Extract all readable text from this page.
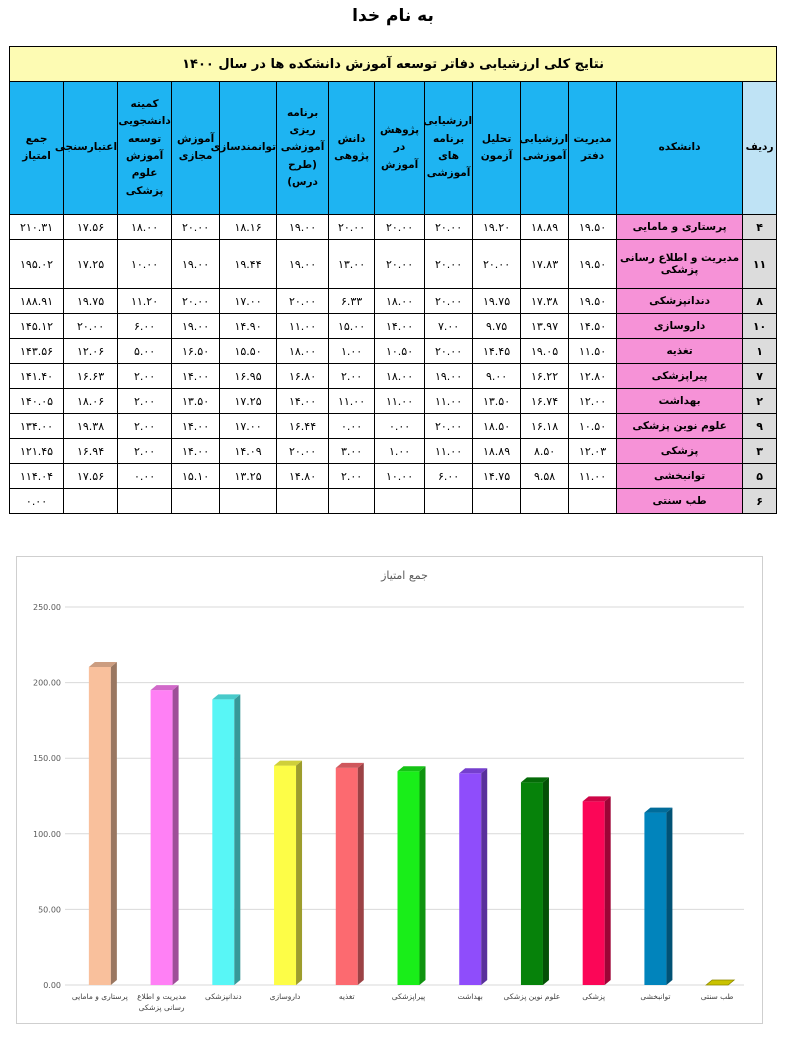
به نام خدا
نتایج کلی ارزشیابی دفاتر توسعه آموزش دانشکده ها در سال ۱۴۰۰													
ردیف	دانشکده	مدیریت دفتر	ارزشیابی آموزشی	تحلیل آزمون	ارزشیابی برنامه های آموزشی	پژوهش در آموزش	دانش پژوهی	برنامه ریزی آموزشی (طرح درس)	توانمندسازی	آموزش مجازی	کمیته دانشجویی توسعه آموزش علوم پزشکی	اعتبارسنجی	جمع امتیاز
۴	پرستاری و مامایی	۱۹.۵۰	۱۸.۸۹	۱۹.۲۰	۲۰.۰۰	۲۰.۰۰	۲۰.۰۰	۱۹.۰۰	۱۸.۱۶	۲۰.۰۰	۱۸.۰۰	۱۷.۵۶	۲۱۰.۳۱
۱۱	مدیریت و اطلاع رسانی پزشکی	۱۹.۵۰	۱۷.۸۳	۲۰.۰۰	۲۰.۰۰	۲۰.۰۰	۱۳.۰۰	۱۹.۰۰	۱۹.۴۴	۱۹.۰۰	۱۰.۰۰	۱۷.۲۵	۱۹۵.۰۲
۸	دندانپزشکی	۱۹.۵۰	۱۷.۳۸	۱۹.۷۵	۲۰.۰۰	۱۸.۰۰	۶.۳۳	۲۰.۰۰	۱۷.۰۰	۲۰.۰۰	۱۱.۲۰	۱۹.۷۵	۱۸۸.۹۱
۱۰	داروسازی	۱۴.۵۰	۱۳.۹۷	۹.۷۵	۷.۰۰	۱۴.۰۰	۱۵.۰۰	۱۱.۰۰	۱۴.۹۰	۱۹.۰۰	۶.۰۰	۲۰.۰۰	۱۴۵.۱۲
۱	تغذیه	۱۱.۵۰	۱۹.۰۵	۱۴.۴۵	۲۰.۰۰	۱۰.۵۰	۱.۰۰	۱۸.۰۰	۱۵.۵۰	۱۶.۵۰	۵.۰۰	۱۲.۰۶	۱۴۳.۵۶
۷	پیراپزشکی	۱۲.۸۰	۱۶.۲۲	۹.۰۰	۱۹.۰۰	۱۸.۰۰	۲.۰۰	۱۶.۸۰	۱۶.۹۵	۱۴.۰۰	۲.۰۰	۱۶.۶۳	۱۴۱.۴۰
۲	بهداشت	۱۲.۰۰	۱۶.۷۴	۱۳.۵۰	۱۱.۰۰	۱۱.۰۰	۱۱.۰۰	۱۴.۰۰	۱۷.۲۵	۱۳.۵۰	۲.۰۰	۱۸.۰۶	۱۴۰.۰۵
۹	علوم نوین پزشکی	۱۰.۵۰	۱۶.۱۸	۱۸.۵۰	۲۰.۰۰	۰.۰۰	۰.۰۰	۱۶.۴۴	۱۷.۰۰	۱۴.۰۰	۲.۰۰	۱۹.۳۸	۱۳۴.۰۰
۳	پزشکی	۱۲.۰۳	۸.۵۰	۱۸.۸۹	۱۱.۰۰	۱.۰۰	۳.۰۰	۲۰.۰۰	۱۴.۰۹	۱۴.۰۰	۲.۰۰	۱۶.۹۴	۱۲۱.۴۵
۵	توانبخشی	۱۱.۰۰	۹.۵۸	۱۴.۷۵	۶.۰۰	۱۰.۰۰	۲.۰۰	۱۴.۸۰	۱۳.۲۵	۱۵.۱۰	۰.۰۰	۱۷.۵۶	۱۱۴.۰۴
۶	طب سنتی												۰.۰۰
جمع امتیاز
0.00
50.00
100.00
150.00
200.00
250.00
پرستاری و مامایی مدیریت و اطلاع
رسانی پزشکی
دندانپزشکی	داروسازی	تغذیه	پیراپزشکی	بهداشت	علوم نوین پزشکی	پزشکی	توانبخشی	طب سنتی
